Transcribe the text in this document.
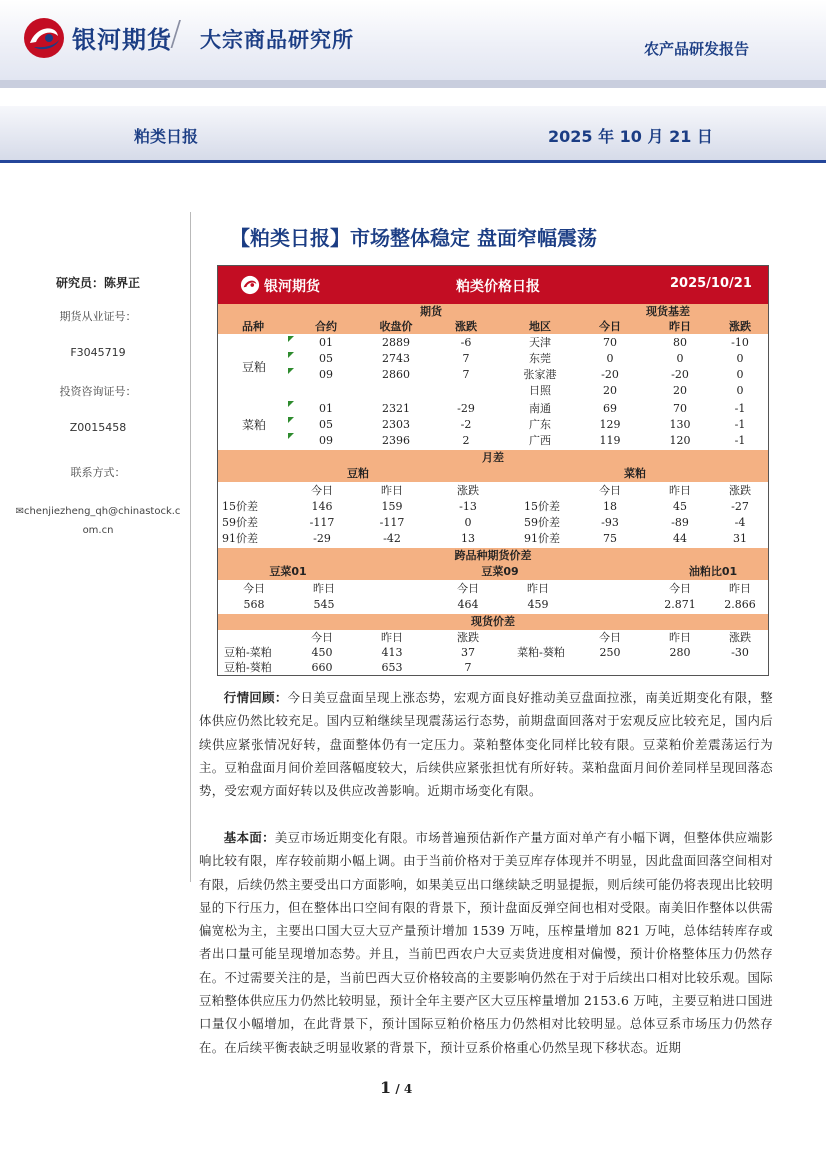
银河期货
/ 大宗商品研究所	农产品研发报告
粕类日报	2025 年 10 月 21 日
研究员：陈界正
期货从业证号：
F3045719
投资咨询证号：
Z0015458
联系方式：
✉chenjiezheng_qh@chinastock.c
om.cn
【粕类日报】市场整体稳定 盘面窄幅震荡
银河期货	粕类价格日报	2025/10/21
期货	现货基差
品种	合约	收盘价	涨跌	地区	今日	昨日	涨跌
豆粕
01	2889	-6	天津	70	80	-10
05	2743	7	东莞	0	0	0
09	2860	7	张家港	-20	-20	0
日照	20	20	0
菜粕
01	2321	-29	南通	69	70	-1
05	2303	-2	广东	129	130	-1
09	2396	2	广西	119	120	-1
月差
豆粕	菜粕
今日	昨日	涨跌	今日	昨日	涨跌
15价差	146	159	-13	15价差	18	45	-27
59价差	-117	-117	0	59价差	-93	-89	-4
91价差	-29	-42	13	91价差	75	44	31
跨品种期货价差
豆菜01	豆菜09	油粕比01
今日	昨日	今日	昨日	今日	昨日
568	545	464	459	2.871	2.866
现货价差
今日	昨日	涨跌	今日	昨日	涨跌
豆粕-菜粕	450	413	37	菜粕-葵粕	250	280	-30
豆粕-葵粕	660	653	7
行情回顾：今日美豆盘面呈现上涨态势，宏观方面良好推动美豆盘面拉涨，南美近期变化有限，整体供应仍然比较充足。国内豆粕继续呈现震荡运行态势，前期盘面回落对于宏观反应比较充足，国内后续供应紧张情况好转，盘面整体仍有一定压力。菜粕整体变化同样比较有限。豆菜粕价差震荡运行为主。豆粕盘面月间价差回落幅度较大，后续供应紧张担忧有所好转。菜粕盘面月间价差同样呈现回落态势，受宏观方面好转以及供应改善影响。近期市场变化有限。
基本面：美豆市场近期变化有限。市场普遍预估新作产量方面对单产有小幅下调，但整体供应端影响比较有限，库存较前期小幅上调。由于当前价格对于美豆库存体现并不明显，因此盘面回落空间相对有限，后续仍然主要受出口方面影响，如果美豆出口继续缺乏明显提振，则后续可能仍将表现出比较明显的下行压力，但在整体出口空间有限的背景下，预计盘面反弹空间也相对受限。南美旧作整体以供需偏宽松为主，主要出口国大豆大豆产量预计增加 1539 万吨，压榨量增加 821 万吨，总体结转库存或者出口量可能呈现增加态势。并且，当前巴西农户大豆卖货进度相对偏慢，预计价格整体压力仍然存在。不过需要关注的是，当前巴西大豆价格较高的主要影响仍然在于对于后续出口相对比较乐观。国际豆粕整体供应压力仍然比较明显，预计全年主要产区大豆压榨量增加 2153.6 万吨，主要豆粕进口国进口量仅小幅增加，在此背景下，预计国际豆粕价格压力仍然相对比较明显。总体豆系市场压力仍然存在。在后续平衡表缺乏明显收紧的背景下，预计豆系价格重心仍然呈现下移状态。近期
1 / 4
